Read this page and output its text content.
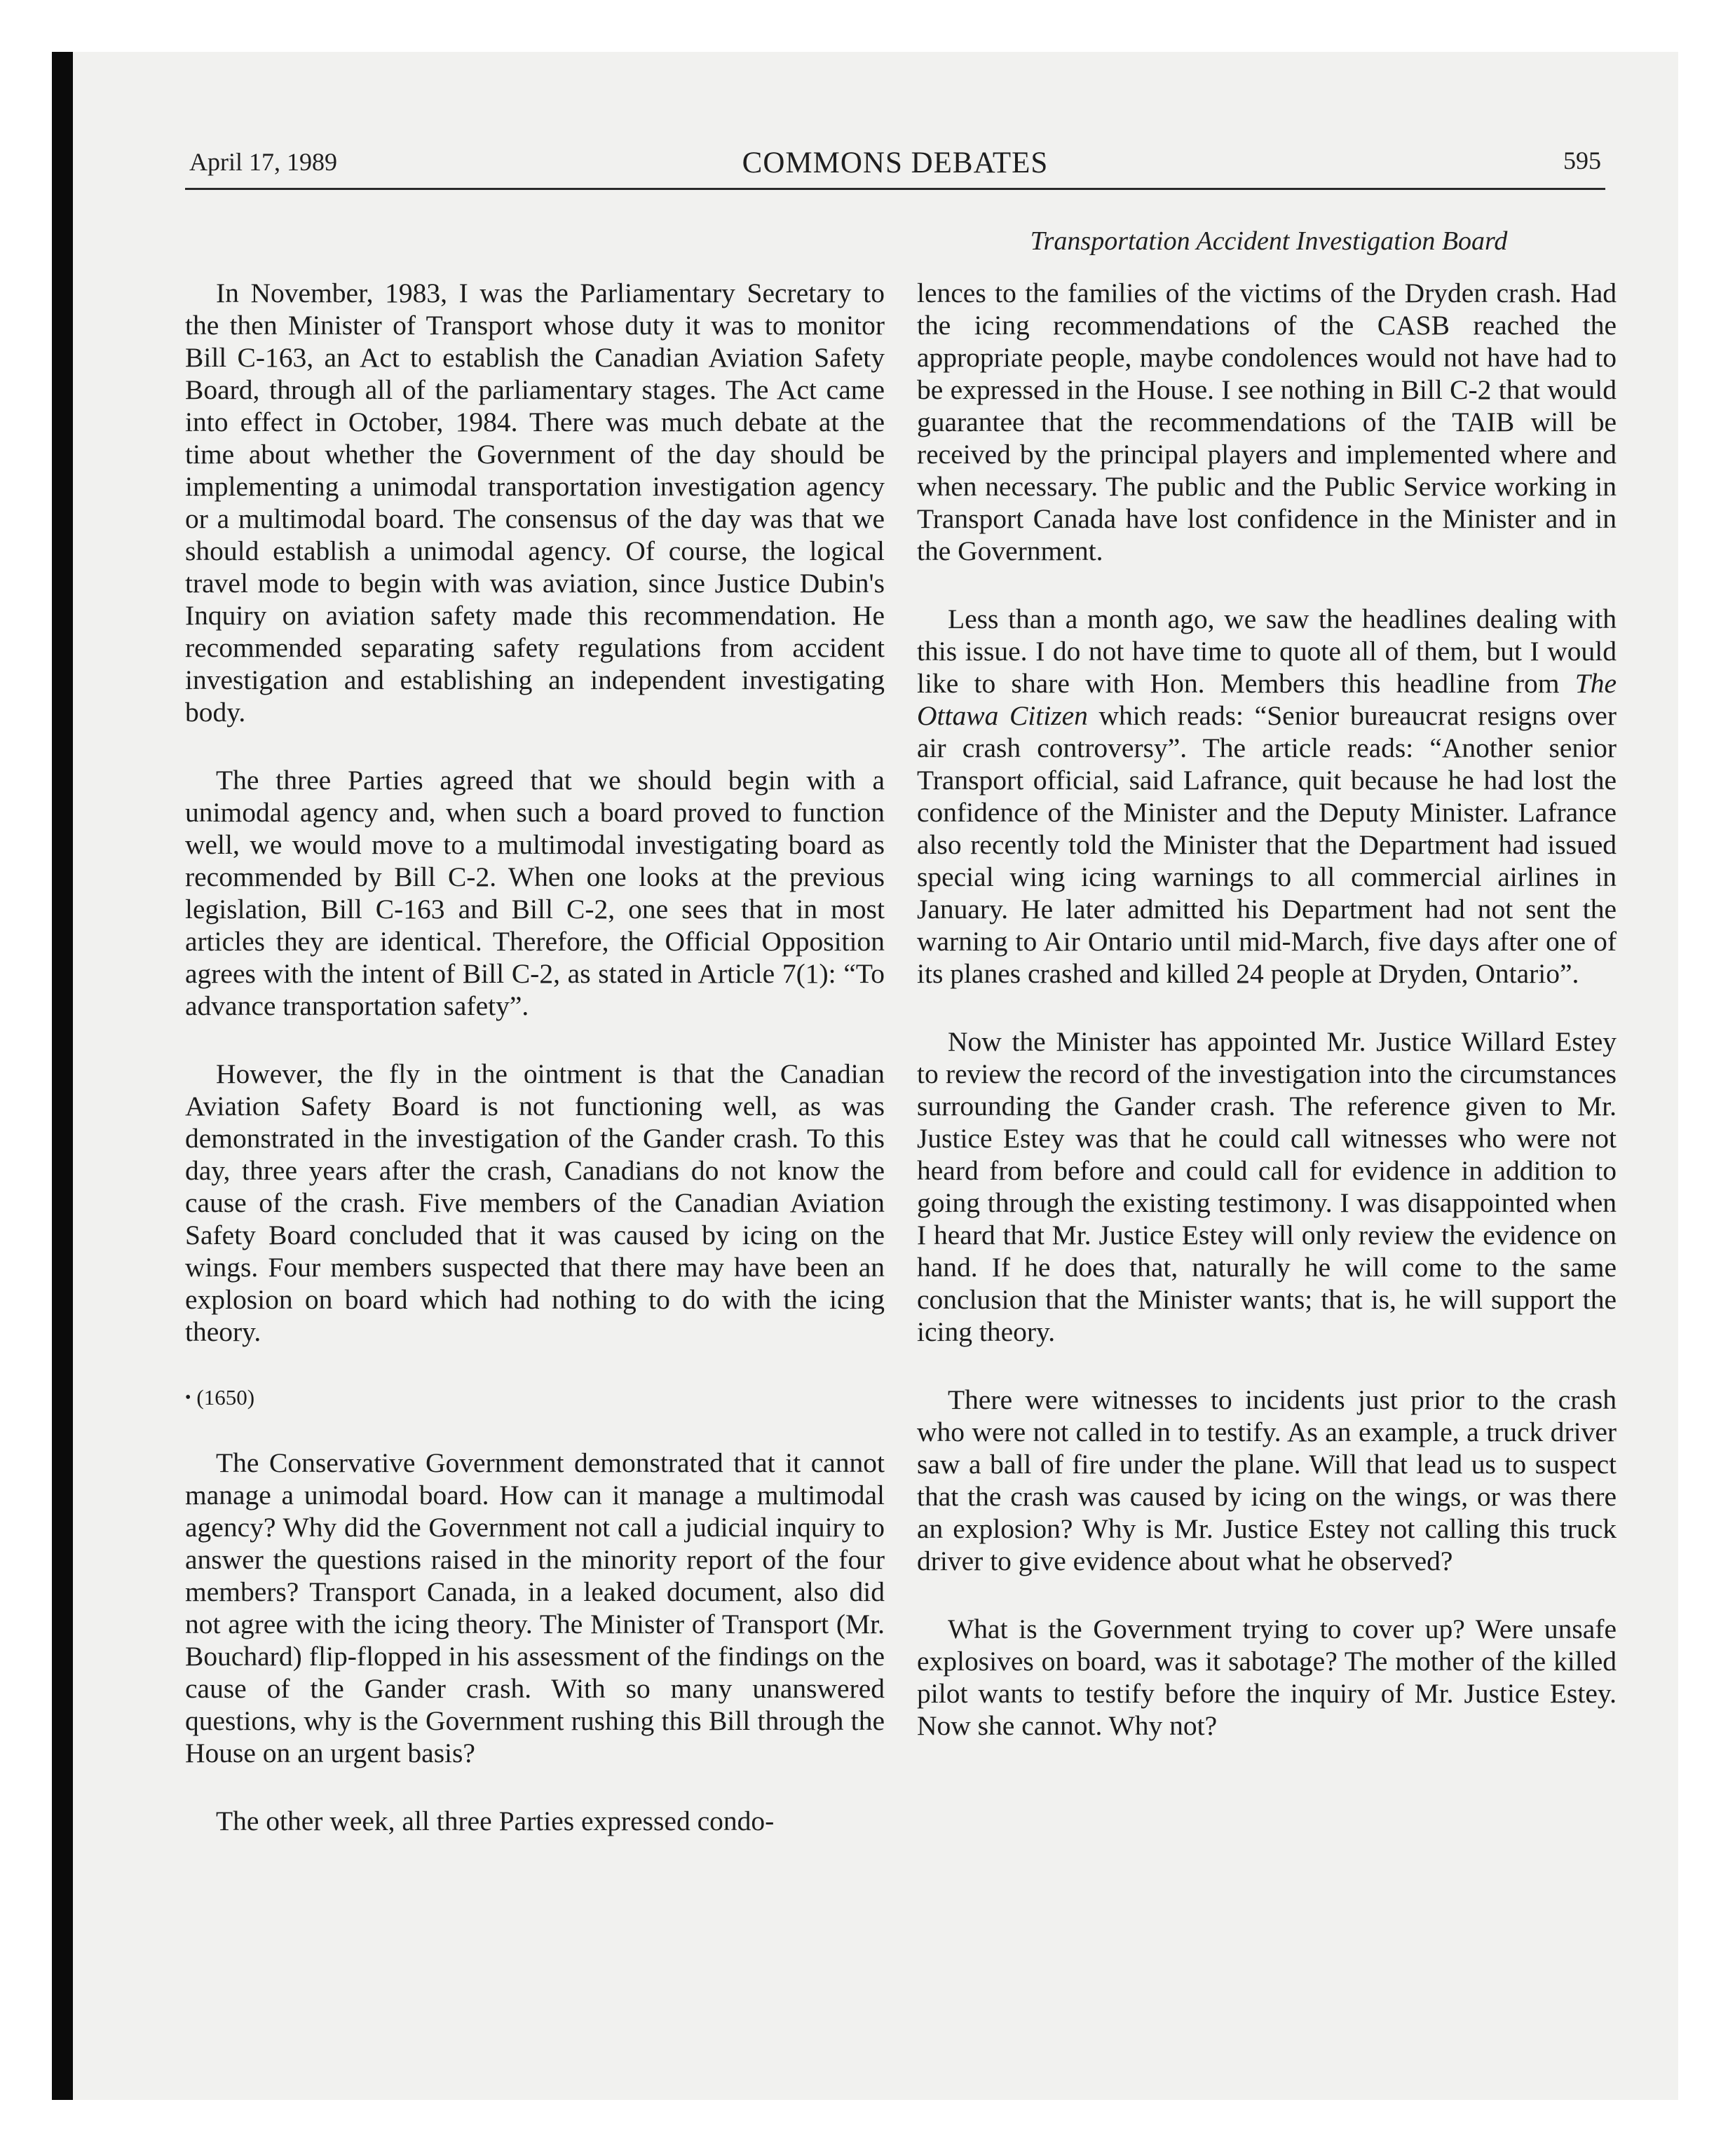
April 17, 1989	COMMONS DEBATES	595
Transportation Accident Investigation Board

In November, 1983, I was the Parliamentary Secretary to the then Minister of Transport whose duty it was to monitor Bill C-163, an Act to establish the Canadian Aviation Safety Board, through all of the parliamentary stages. The Act came into effect in October, 1984. There was much debate at the time about whether the Government of the day should be implementing a unimodal transportation investigation agency or a multimodal board. The consensus of the day was that we should establish a unimodal agency. Of course, the logical travel mode to begin with was aviation, since Justice Dubin's Inquiry on aviation safety made this recommendation. He recommended separating safety regulations from accident investigation and establishing an independent investigating body.

The three Parties agreed that we should begin with a unimodal agency and, when such a board proved to function well, we would move to a multimodal investigating board as recommended by Bill C-2. When one looks at the previous legislation, Bill C-163 and Bill C-2, one sees that in most articles they are identical. Therefore, the Official Opposition agrees with the intent of Bill C-2, as stated in Article 7(1): “To advance transportation safety”.

However, the fly in the ointment is that the Canadian Aviation Safety Board is not functioning well, as was demonstrated in the investigation of the Gander crash. To this day, three years after the crash, Canadians do not know the cause of the crash. Five members of the Canadian Aviation Safety Board concluded that it was caused by icing on the wings. Four members suspected that there may have been an explosion on board which had nothing to do with the icing theory.

• (1650)

The Conservative Government demonstrated that it cannot manage a unimodal board. How can it manage a multimodal agency? Why did the Government not call a judicial inquiry to answer the questions raised in the minority report of the four members? Transport Canada, in a leaked document, also did not agree with the icing theory. The Minister of Transport (Mr. Bouchard) flip-flopped in his assessment of the findings on the cause of the Gander crash. With so many unanswered questions, why is the Government rushing this Bill through the House on an urgent basis?

The other week, all three Parties expressed condo-

lences to the families of the victims of the Dryden crash. Had the icing recommendations of the CASB reached the appropriate people, maybe condolences would not have had to be expressed in the House. I see nothing in Bill C-2 that would guarantee that the recommendations of the TAIB will be received by the principal players and implemented where and when necessary. The public and the Public Service working in Transport Canada have lost confidence in the Minister and in the Government.

Less than a month ago, we saw the headlines dealing with this issue. I do not have time to quote all of them, but I would like to share with Hon. Members this headline from The Ottawa Citizen which reads: “Senior bureaucrat resigns over air crash controversy”. The article reads: “Another senior Transport official, said Lafrance, quit because he had lost the confidence of the Minister and the Deputy Minister. Lafrance also recently told the Minister that the Department had issued special wing icing warnings to all commercial airlines in January. He later admitted his Department had not sent the warning to Air Ontario until mid-March, five days after one of its planes crashed and killed 24 people at Dryden, Ontario”.

Now the Minister has appointed Mr. Justice Willard Estey to review the record of the investigation into the circumstances surrounding the Gander crash. The reference given to Mr. Justice Estey was that he could call witnesses who were not heard from before and could call for evidence in addition to going through the existing testimony. I was disappointed when I heard that Mr. Justice Estey will only review the evidence on hand. If he does that, naturally he will come to the same conclusion that the Minister wants; that is, he will support the icing theory.

There were witnesses to incidents just prior to the crash who were not called in to testify. As an example, a truck driver saw a ball of fire under the plane. Will that lead us to suspect that the crash was caused by icing on the wings, or was there an explosion? Why is Mr. Justice Estey not calling this truck driver to give evidence about what he observed?

What is the Government trying to cover up? Were unsafe explosives on board, was it sabotage? The mother of the killed pilot wants to testify before the inquiry of Mr. Justice Estey. Now she cannot. Why not?
